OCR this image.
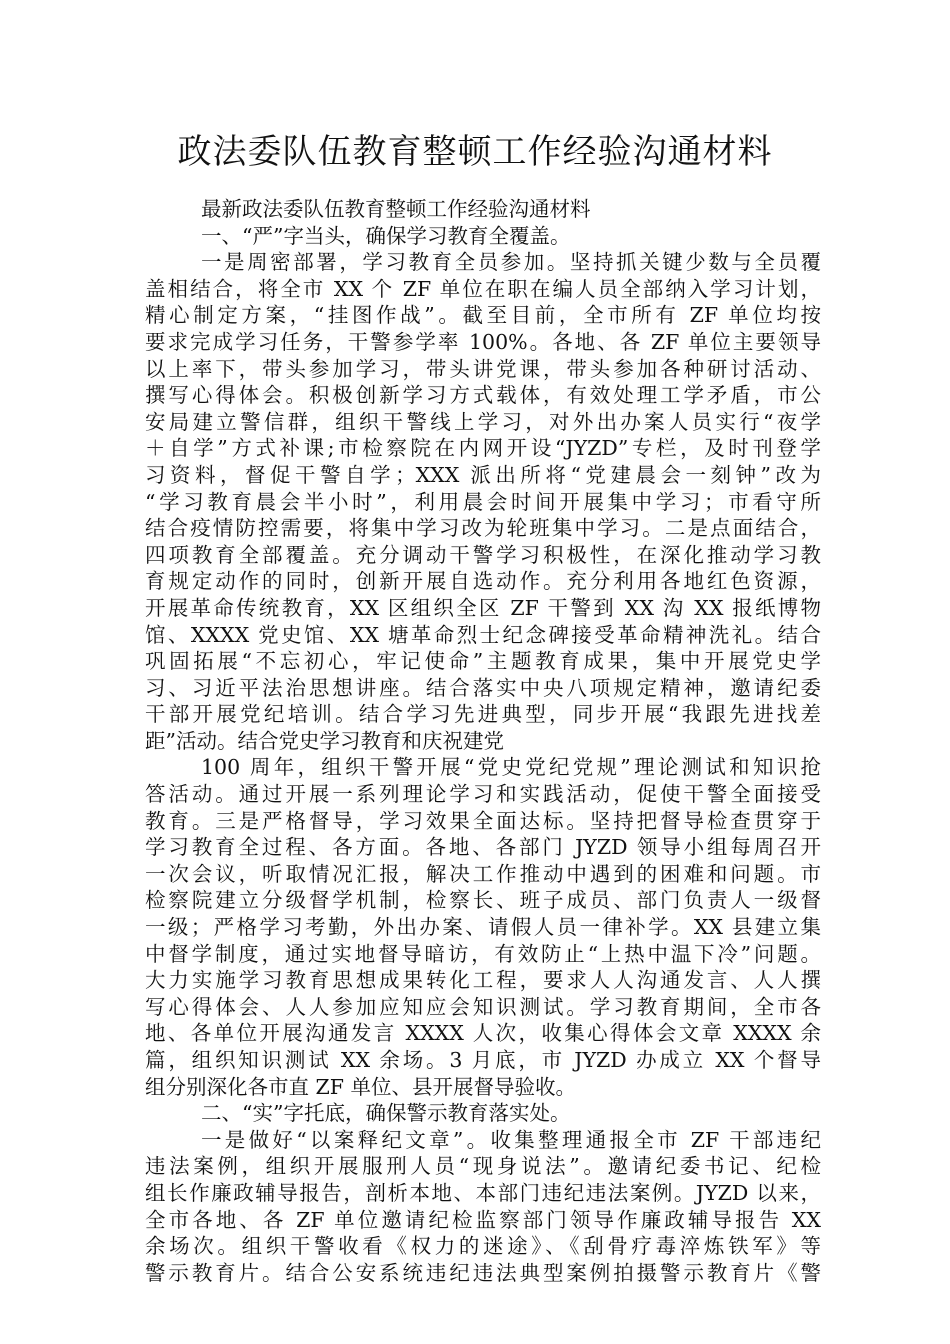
政法委队伍教育整顿工作经验沟通材料
最新政法委队伍教育整顿工作经验沟通材料
一、“严”字当头，确保学习教育全覆盖。
一是周密部署，学习教育全员参加。坚持抓关键少数与全员覆
盖相结合，将全市 XX 个 ZF 单位在职在编人员全部纳入学习计划，
精心制定方案，“挂图作战”。截至目前，全市所有 ZF 单位均按
要求完成学习任务，干警参学率 100%。各地、各 ZF 单位主要领导
以上率下，带头参加学习，带头讲党课，带头参加各种研讨活动、
撰写心得体会。积极创新学习方式载体，有效处理工学矛盾，市公
安局建立警信群，组织干警线上学习，对外出办案人员实行“夜学
＋自学”方式补课;市检察院在内网开设“JYZD”专栏，及时刊登学
习资料，督促干警自学；XXX 派出所将“党建晨会一刻钟”改为
“学习教育晨会半小时”，利用晨会时间开展集中学习；市看守所
结合疫情防控需要，将集中学习改为轮班集中学习。二是点面结合，
四项教育全部覆盖。充分调动干警学习积极性，在深化推动学习教
育规定动作的同时，创新开展自选动作。充分利用各地红色资源，
开展革命传统教育，XX 区组织全区 ZF 干警到 XX 沟 XX 报纸博物
馆、XXXX 党史馆、XX 塘革命烈士纪念碑接受革命精神洗礼。结合
巩固拓展“不忘初心，牢记使命”主题教育成果，集中开展党史学
习、习近平法治思想讲座。结合落实中央八项规定精神，邀请纪委
干部开展党纪培训。结合学习先进典型，同步开展“我跟先进找差
距”活动。结合党史学习教育和庆祝建党
100 周年，组织干警开展“党史党纪党规”理论测试和知识抢
答活动。通过开展一系列理论学习和实践活动，促使干警全面接受
教育。三是严格督导，学习效果全面达标。坚持把督导检查贯穿于
学习教育全过程、各方面。各地、各部门 JYZD 领导小组每周召开
一次会议，听取情况汇报，解决工作推动中遇到的困难和问题。市
检察院建立分级督学机制，检察长、班子成员、部门负责人一级督
一级；严格学习考勤，外出办案、请假人员一律补学。XX 县建立集
中督学制度，通过实地督导暗访，有效防止“上热中温下冷”问题。
大力实施学习教育思想成果转化工程，要求人人沟通发言、人人撰
写心得体会、人人参加应知应会知识测试。学习教育期间，全市各
地、各单位开展沟通发言 XXXX 人次，收集心得体会文章 XXXX 余
篇，组织知识测试 XX 余场。3 月底，市 JYZD 办成立 XX 个督导
组分别深化各市直 ZF 单位、县开展督导验收。
二、“实”字托底，确保警示教育落实处。
一是做好“以案释纪文章”。收集整理通报全市 ZF 干部违纪
违法案例，组织开展服刑人员“现身说法”。邀请纪委书记、纪检
组长作廉政辅导报告，剖析本地、本部门违纪违法案例。JYZD 以来，
全市各地、各 ZF 单位邀请纪检监察部门领导作廉政辅导报告 XX
余场次。组织干警收看《权力的迷途》、《刮骨疗毒淬炼铁军》等
警示教育片。结合公安系统违纪违法典型案例拍摄警示教育片《警
